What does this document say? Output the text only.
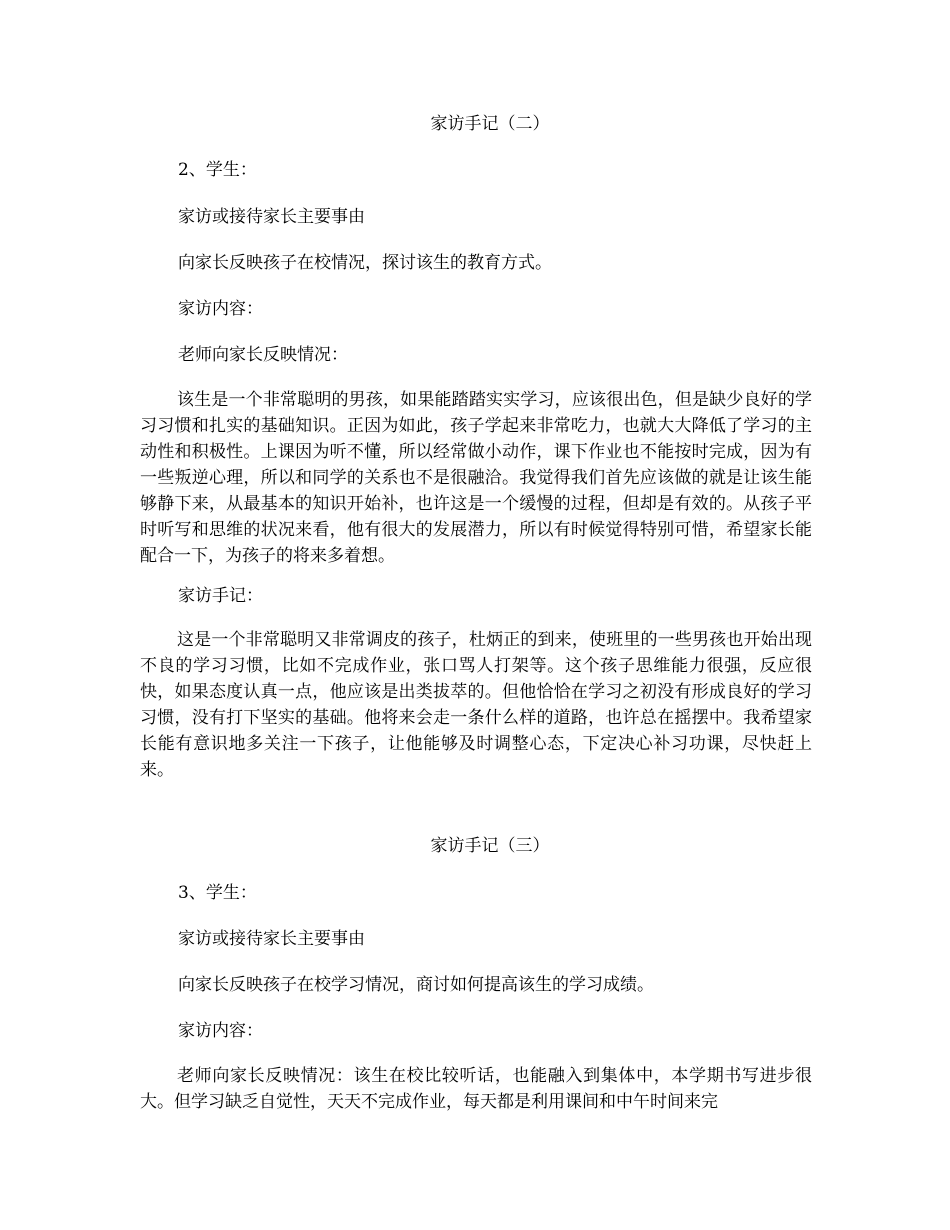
家访手记（二）
2、学生：
家访或接待家长主要事由
向家长反映孩子在校情况，探讨该生的教育方式。
家访内容：
老师向家长反映情况：
该生是一个非常聪明的男孩，如果能踏踏实实学习，应该很出色，但是缺少良好的学习习惯和扎实的基础知识。正因为如此，孩子学起来非常吃力，也就大大降低了学习的主动性和积极性。上课因为听不懂，所以经常做小动作，课下作业也不能按时完成，因为有一些叛逆心理，所以和同学的关系也不是很融洽。我觉得我们首先应该做的就是让该生能够静下来，从最基本的知识开始补，也许这是一个缓慢的过程，但却是有效的。从孩子平时听写和思维的状况来看，他有很大的发展潜力，所以有时候觉得特别可惜，希望家长能配合一下，为孩子的将来多着想。
家访手记：
这是一个非常聪明又非常调皮的孩子，杜炳正的到来，使班里的一些男孩也开始出现不良的学习习惯，比如不完成作业，张口骂人打架等。这个孩子思维能力很强，反应很快，如果态度认真一点，他应该是出类拔萃的。但他恰恰在学习之初没有形成良好的学习习惯，没有打下坚实的基础。他将来会走一条什么样的道路，也许总在摇摆中。我希望家长能有意识地多关注一下孩子，让他能够及时调整心态，下定决心补习功课，尽快赶上来。
家访手记（三）
3、学生：
家访或接待家长主要事由
向家长反映孩子在校学习情况，商讨如何提高该生的学习成绩。
家访内容：
老师向家长反映情况：该生在校比较听话，也能融入到集体中，本学期书写进步很大。但学习缺乏自觉性，天天不完成作业，每天都是利用课间和中午时间来完
